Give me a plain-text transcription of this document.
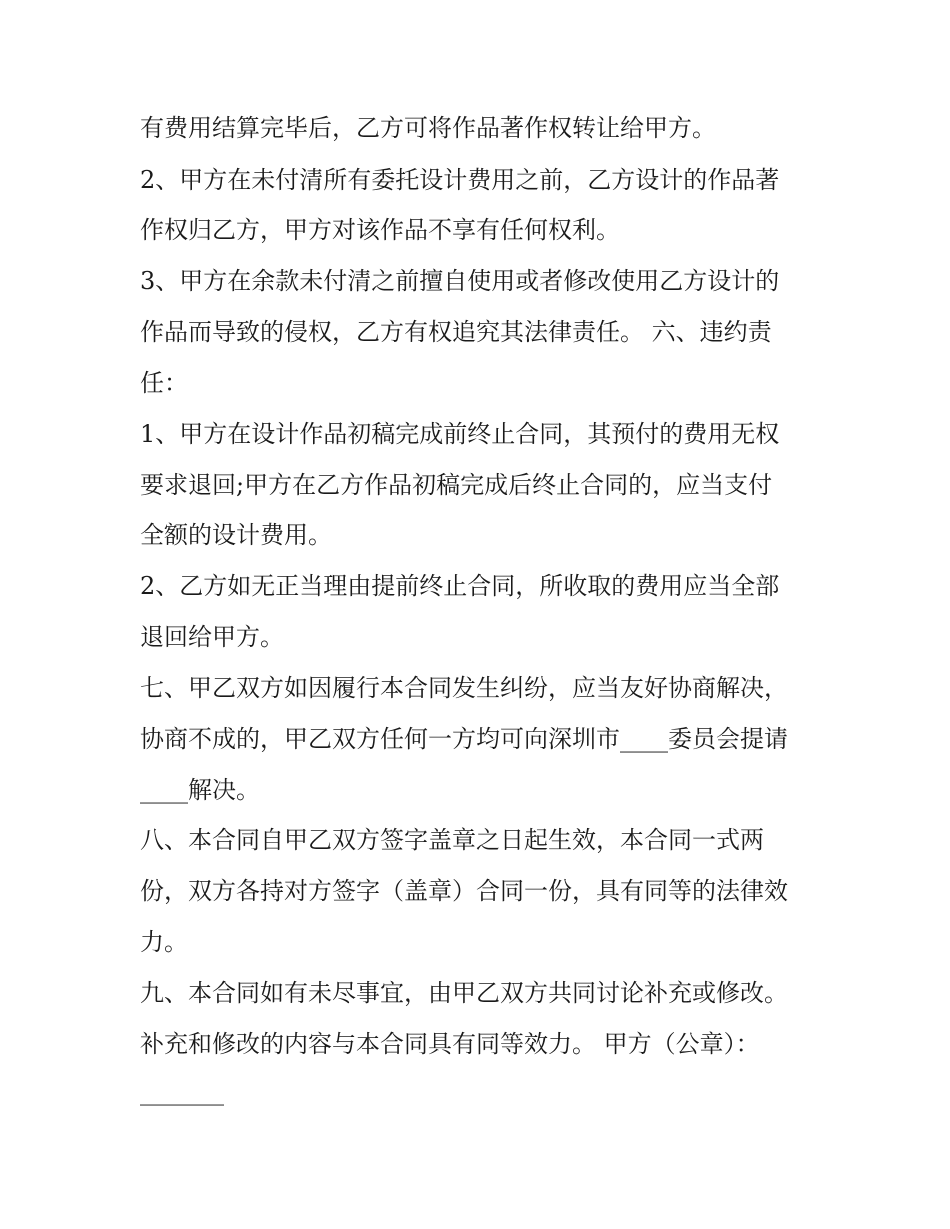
有费用结算完毕后，乙方可将作品著作权转让给甲方。
2、甲方在未付清所有委托设计费用之前，乙方设计的作品著
作权归乙方，甲方对该作品不享有任何权利。
3、甲方在余款未付清之前擅自使用或者修改使用乙方设计的
作品而导致的侵权，乙方有权追究其法律责任。 六、违约责
任：
1、甲方在设计作品初稿完成前终止合同，其预付的费用无权
要求退回;甲方在乙方作品初稿完成后终止合同的，应当支付
全额的设计费用。
2、乙方如无正当理由提前终止合同，所收取的费用应当全部
退回给甲方。
七、甲乙双方如因履行本合同发生纠纷，应当友好协商解决，
协商不成的，甲乙双方任何一方均可向深圳市____委员会提请
____解决。
八、本合同自甲乙双方签字盖章之日起生效，本合同一式两
份，双方各持对方签字（盖章）合同一份，具有同等的法律效
力。
九、本合同如有未尽事宜，由甲乙双方共同讨论补充或修改。
补充和修改的内容与本合同具有同等效力。 甲方（公章）：
_______
